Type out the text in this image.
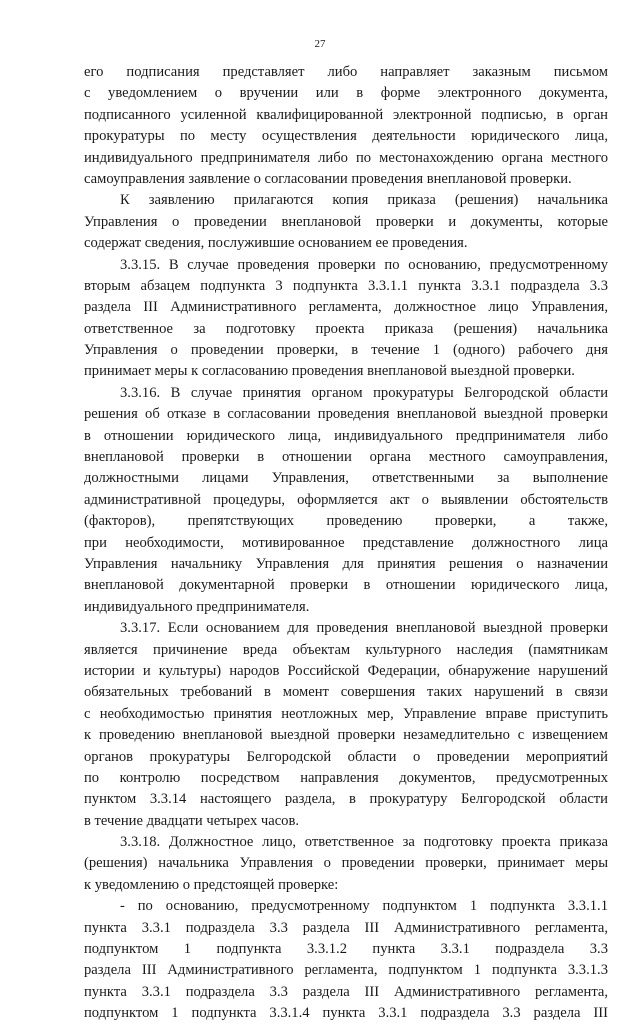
27
его подписания представляет либо направляет заказным письмом
с уведомлением о вручении или в форме электронного документа,
подписанного усиленной квалифицированной электронной подписью, в орган
прокуратуры по месту осуществления деятельности юридического лица,
индивидуального предпринимателя либо по местонахождению органа местного
самоуправления заявление о согласовании проведения внеплановой проверки.
К заявлению прилагаются копия приказа (решения) начальника
Управления о проведении внеплановой проверки и документы, которые
содержат сведения, послужившие основанием ее проведения.
3.3.15. В случае проведения проверки по основанию, предусмотренному
вторым абзацем подпункта 3 подпункта 3.3.1.1 пункта 3.3.1 подраздела 3.3
раздела III Административного регламента, должностное лицо Управления,
ответственное за подготовку проекта приказа (решения) начальника
Управления о проведении проверки, в течение 1 (одного) рабочего дня
принимает меры к согласованию проведения внеплановой выездной проверки.
3.3.16. В случае принятия органом прокуратуры Белгородской области
решения об отказе в согласовании проведения внеплановой выездной проверки
в отношении юридического лица, индивидуального предпринимателя либо
внеплановой проверки в отношении органа местного самоуправления,
должностными лицами Управления, ответственными за выполнение
административной процедуры, оформляется акт о выявлении обстоятельств
(факторов), препятствующих проведению проверки, а также,
при необходимости, мотивированное представление должностного лица
Управления начальнику Управления для принятия решения о назначении
внеплановой документарной проверки в отношении юридического лица,
индивидуального предпринимателя.
3.3.17. Если основанием для проведения внеплановой выездной проверки
является причинение вреда объектам культурного наследия (памятникам
истории и культуры) народов Российской Федерации, обнаружение нарушений
обязательных требований в момент совершения таких нарушений в связи
с необходимостью принятия неотложных мер, Управление вправе приступить
к проведению внеплановой выездной проверки незамедлительно с извещением
органов прокуратуры Белгородской области о проведении мероприятий
по контролю посредством направления документов, предусмотренных
пунктом 3.3.14 настоящего раздела, в прокуратуру Белгородской области
в течение двадцати четырех часов.
3.3.18. Должностное лицо, ответственное за подготовку проекта приказа
(решения) начальника Управления о проведении проверки, принимает меры
к уведомлению о предстоящей проверке:
- по основанию, предусмотренному подпунктом 1 подпункта 3.3.1.1
пункта 3.3.1 подраздела 3.3 раздела III Административного регламента,
подпунктом 1 подпункта 3.3.1.2 пункта 3.3.1 подраздела 3.3
раздела III Административного регламента, подпунктом 1 подпункта 3.3.1.3
пункта 3.3.1 подраздела 3.3 раздела III Административного регламента,
подпунктом 1 подпункта 3.3.1.4 пункта 3.3.1 подраздела 3.3 раздела III
